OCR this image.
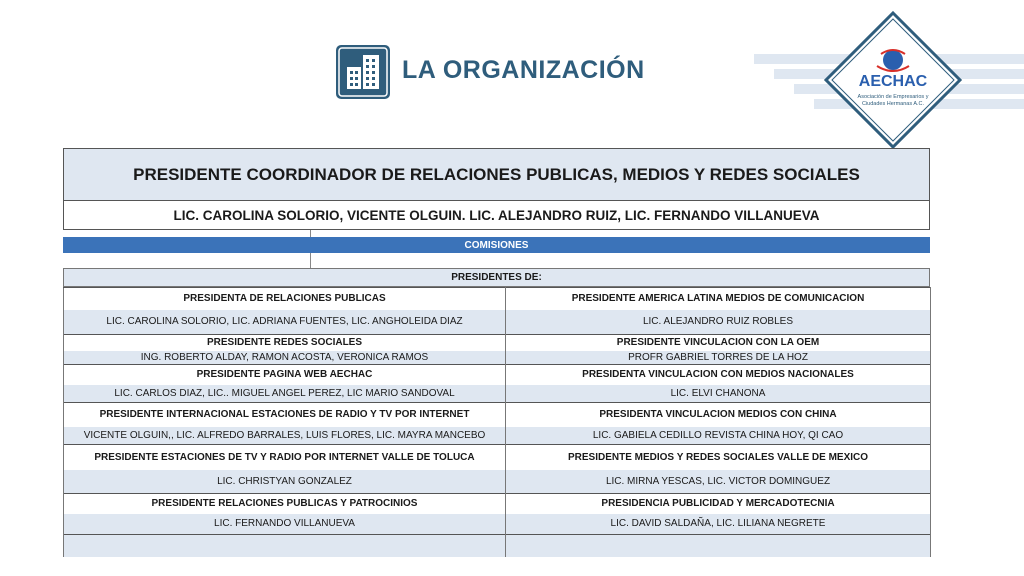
LA ORGANIZACIÓN	AECHAC
Asociación de Empresarios y
Ciudades Hermanas A.C.
PRESIDENTE COORDINADOR DE RELACIONES PUBLICAS, MEDIOS Y REDES SOCIALES
LIC. CAROLINA SOLORIO, VICENTE OLGUIN. LIC. ALEJANDRO RUIZ, LIC. FERNANDO VILLANUEVA
COMISIONES
PRESIDENTES DE:
PRESIDENTA DE RELACIONES PUBLICAS	PRESIDENTE AMERICA LATINA MEDIOS DE COMUNICACION
LIC. CAROLINA SOLORIO, LIC. ADRIANA FUENTES, LIC. ANGHOLEIDA DIAZ	LIC. ALEJANDRO RUIZ ROBLES
PRESIDENTE REDES SOCIALES	PRESIDENTE VINCULACION CON LA OEM
ING. ROBERTO ALDAY, RAMON ACOSTA, VERONICA RAMOS	PROFR GABRIEL TORRES DE LA HOZ
PRESIDENTE PAGINA WEB AECHAC	PRESIDENTA VINCULACION CON MEDIOS NACIONALES
LIC. CARLOS DIAZ, LIC.. MIGUEL ANGEL PEREZ, LIC MARIO SANDOVAL	LIC. ELVI CHANONA
PRESIDENTE INTERNACIONAL ESTACIONES DE RADIO Y TV POR INTERNET	PRESIDENTA VINCULACION MEDIOS CON CHINA
VICENTE OLGUIN,, LIC. ALFREDO BARRALES, LUIS FLORES, LIC. MAYRA MANCEBO	LIC. GABIELA CEDILLO REVISTA CHINA HOY, QI CAO
PRESIDENTE ESTACIONES DE TV Y RADIO POR INTERNET VALLE DE TOLUCA	PRESIDENTE MEDIOS Y REDES SOCIALES VALLE DE MEXICO
LIC. CHRISTYAN GONZALEZ	LIC. MIRNA YESCAS, LIC. VICTOR DOMINGUEZ
PRESIDENTE RELACIONES PUBLICAS Y PATROCINIOS	PRESIDENCIA PUBLICIDAD Y MERCADOTECNIA
LIC. FERNANDO VILLANUEVA	LIC. DAVID SALDAÑA, LIC. LILIANA NEGRETE
